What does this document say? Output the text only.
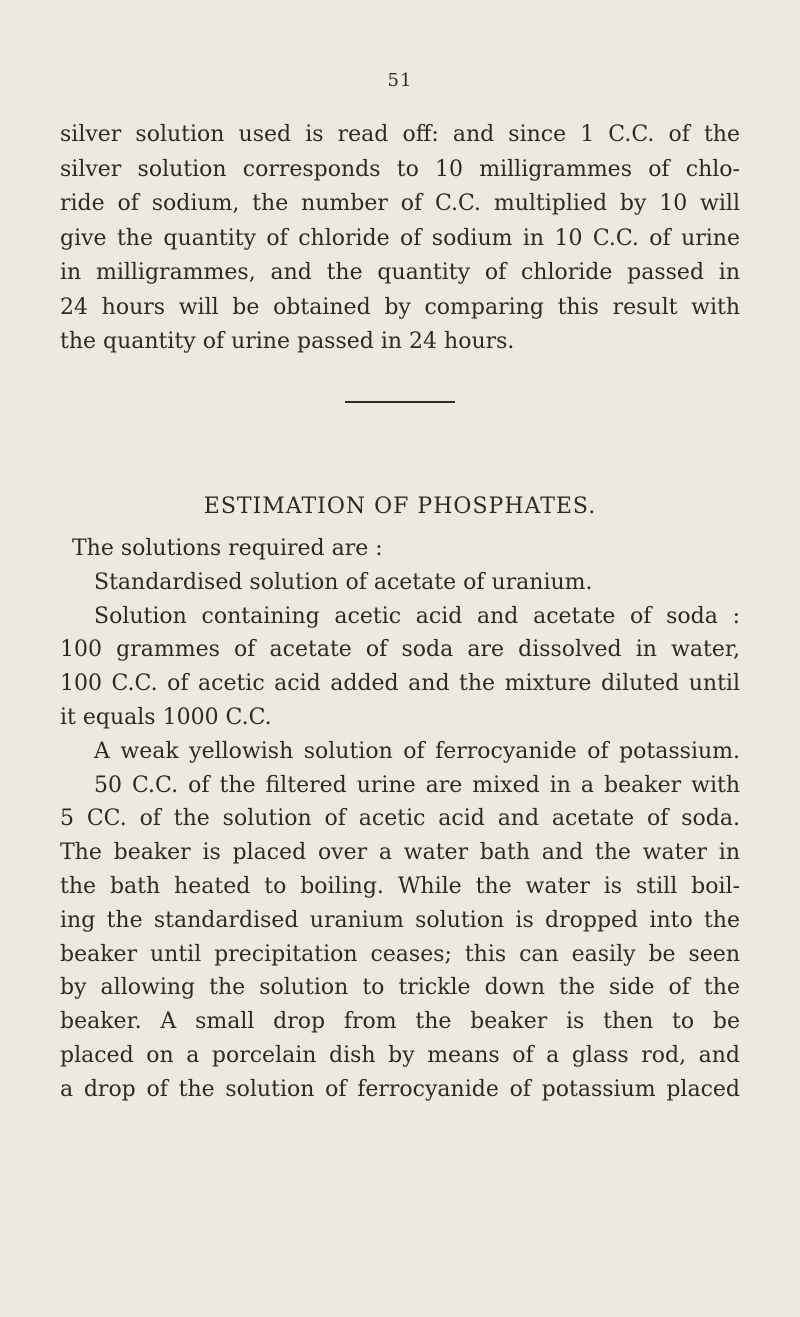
51
silver solution used is read off: and since 1 C.C. of the
silver solution corresponds to 10 milligrammes of chlo-
ride of sodium, the number of C.C. multiplied by 10 will
give the quantity of chloride of sodium in 10 C.C. of urine
in milligrammes, and the quantity of chloride passed in
24 hours will be obtained by comparing this result with
the quantity of urine passed in 24 hours.
ESTIMATION OF PHOSPHATES.
The solutions required are :
Standardised solution of acetate of uranium.
Solution containing acetic acid and acetate of soda :
100 grammes of acetate of soda are dissolved in water,
100 C.C. of acetic acid added and the mixture diluted until
it equals 1000 C.C.
A weak yellowish solution of ferrocyanide of potassium.
50 C.C. of the filtered urine are mixed in a beaker with
5 CC. of the solution of acetic acid and acetate of soda.
The beaker is placed over a water bath and the water in
the bath heated to boiling. While the water is still boil-
ing the standardised uranium solution is dropped into the
beaker until precipitation ceases; this can easily be seen
by allowing the solution to trickle down the side of the
beaker. A small drop from the beaker is then to be
placed on a porcelain dish by means of a glass rod, and
a drop of the solution of ferrocyanide of potassium placed
